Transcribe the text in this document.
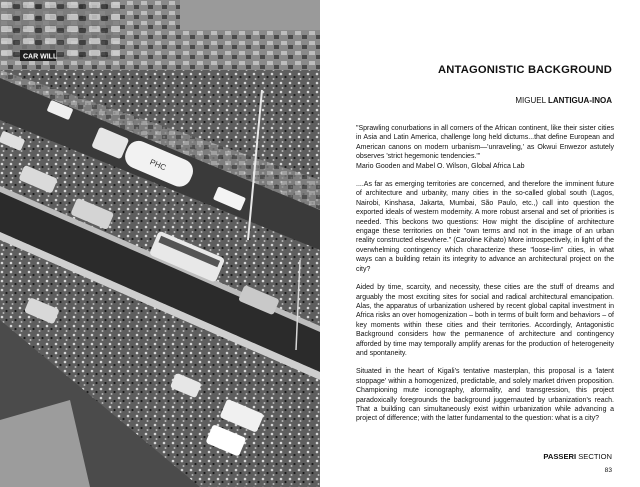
PHC
CAR WILL
ANTAGONISTIC BACKGROUND
MIGUEL LANTIGUA-INOA

"Sprawling conurbations in all corners of the African continent, like their sister cities in Asia and Latin America, challenge long held dictums...that define European and American canons on modern urbanism—'unraveling,' as Okwui Enwezor astutely observes 'strict hegemonic tendencies.'"
Mario Gooden and Mabel O. Wilson, Global Africa Lab

....As far as emerging territories are concerned, and therefore the imminent future of architecture and urbanity, many cities in the so-called global south (Lagos, Nairobi, Kinshasa, Jakarta, Mumbai, São Paulo, etc.,) call into question the exported ideals of western modernity. A more robust arsenal and set of priorities is needed. This beckons two questions: How might the discipline of architecture engage these territories on their "own terms and not in the image of an urban reality constructed elsewhere." (Caroline Kihato) More introspectively, in light of the overwhelming contingency which characterize these "loose-lim" cities, in what ways can a building retain its integrity to advance an architectural project on the city?

Aided by time, scarcity, and necessity, these cities are the stuff of dreams and arguably the most exciting sites for social and radical architectural emancipation. Alas, the apparatus of urbanization ushered by recent global capital investment in Africa risks an over homogenization – both in terms of built form and behaviors – of key moments within these cities and their territories. Accordingly, Antagonistic Background considers how the permanence of architecture and contingency afforded by time may temporally amplify arenas for the production of heterogeneity and spontaneity.

Situated in the heart of Kigali's tentative masterplan, this proposal is a 'latent stoppage' within a homogenized, predictable, and solely market driven proposition. Championing mute iconography, aformality, and transgression, this project paradoxically foregrounds the background juggernauted by urbanization's reach. That a building can simultaneously exist within urbanization while advancing a project of difference; with the latter fundamental to the question: what is a city?

PASSERI SECTION
83
